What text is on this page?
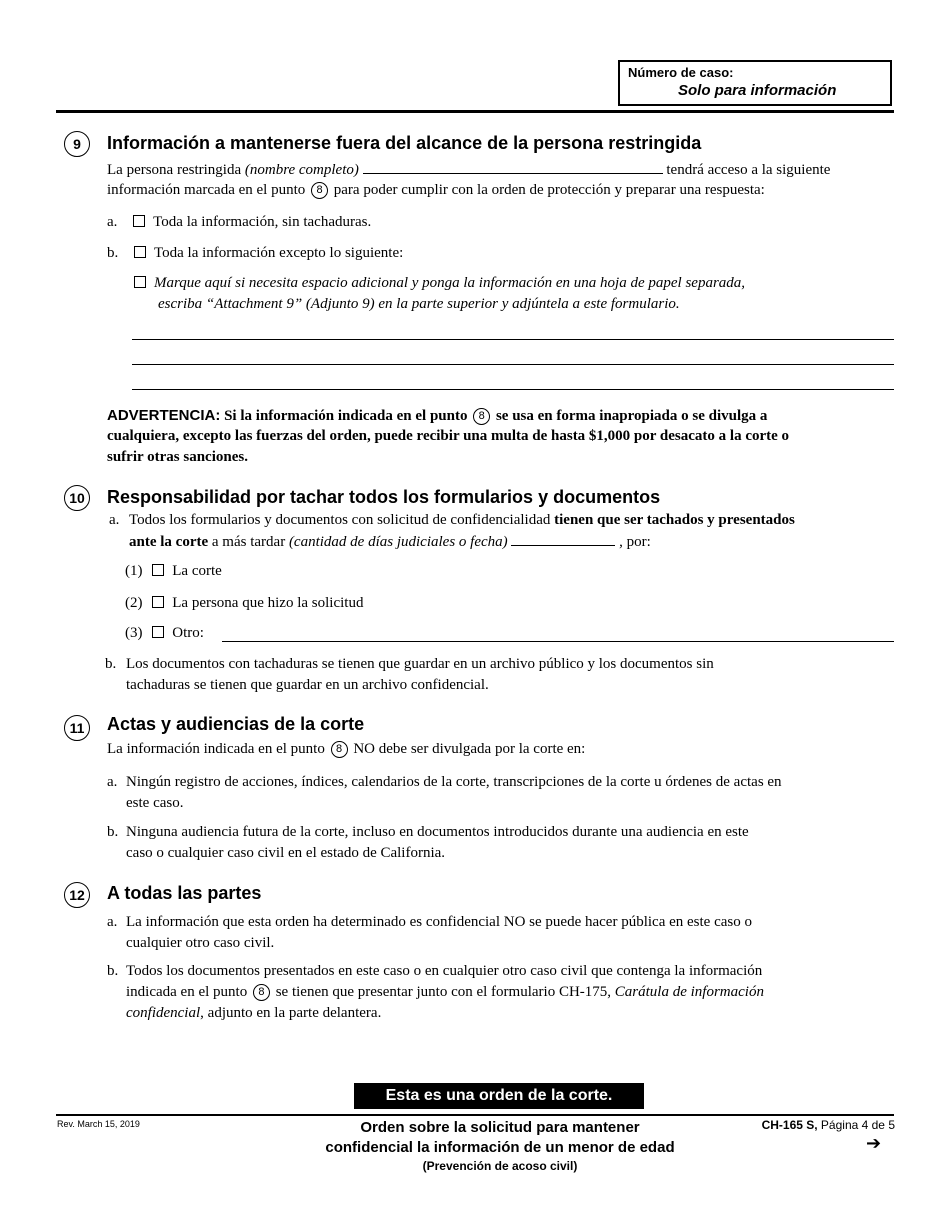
Número de caso:
Solo para información
9	Información a mantenerse fuera del alcance de la persona restringida
La persona restringida (nombre completo)	tendrá acceso a la siguiente
información marcada en el punto 8 para poder cumplir con la orden de protección y preparar una respuesta:
a. Toda la información, sin tachaduras.
b. Toda la información excepto lo siguiente:
Marque aquí si necesita espacio adicional y ponga la información en una hoja de papel separada,
escriba “Attachment 9” (Adjunto 9) en la parte superior y adjúntela a este formulario.
ADVERTENCIA: Si la información indicada en el punto 8 se usa en forma inapropiada o se divulga a
cualquiera, excepto las fuerzas del orden, puede recibir una multa de hasta $1,000 por desacato a la corte o
sufrir otras sanciones.
10 Responsabilidad por tachar todos los formularios y documentos
a. Todos los formularios y documentos con solicitud de confidencialidad tienen que ser tachados y presentados
ante la corte a más tardar (cantidad de días judiciales o fecha)	, por:
(1) La corte
(2) La persona que hizo la solicitud
(3) Otro:
b. Los documentos con tachaduras se tienen que guardar en un archivo público y los documentos sin
tachaduras se tienen que guardar en un archivo confidencial.
11	Actas y audiencias de la corte
La información indicada en el punto 8 NO debe ser divulgada por la corte en:
a. Ningún registro de acciones, índices, calendarios de la corte, transcripciones de la corte u órdenes de actas en
este caso.
b. Ninguna audiencia futura de la corte, incluso en documentos introducidos durante una audiencia en este
caso o cualquier caso civil en el estado de California.
12 A todas las partes
a. La información que esta orden ha determinado es confidencial NO se puede hacer pública en este caso o
cualquier otro caso civil.
b. Todos los documentos presentados en este caso o en cualquier otro caso civil que contenga la información
indicada en el punto 8 se tienen que presentar junto con el formulario CH-175, Carátula de información
confidencial, adjunto en la parte delantera.
Esta es una orden de la corte.
Rev. March 15, 2019	Orden sobre la solicitud para mantener
confidencial la información de un menor de edad
(Prevención de acoso civil)
CH-165 S, Página 4 de 5
➔
